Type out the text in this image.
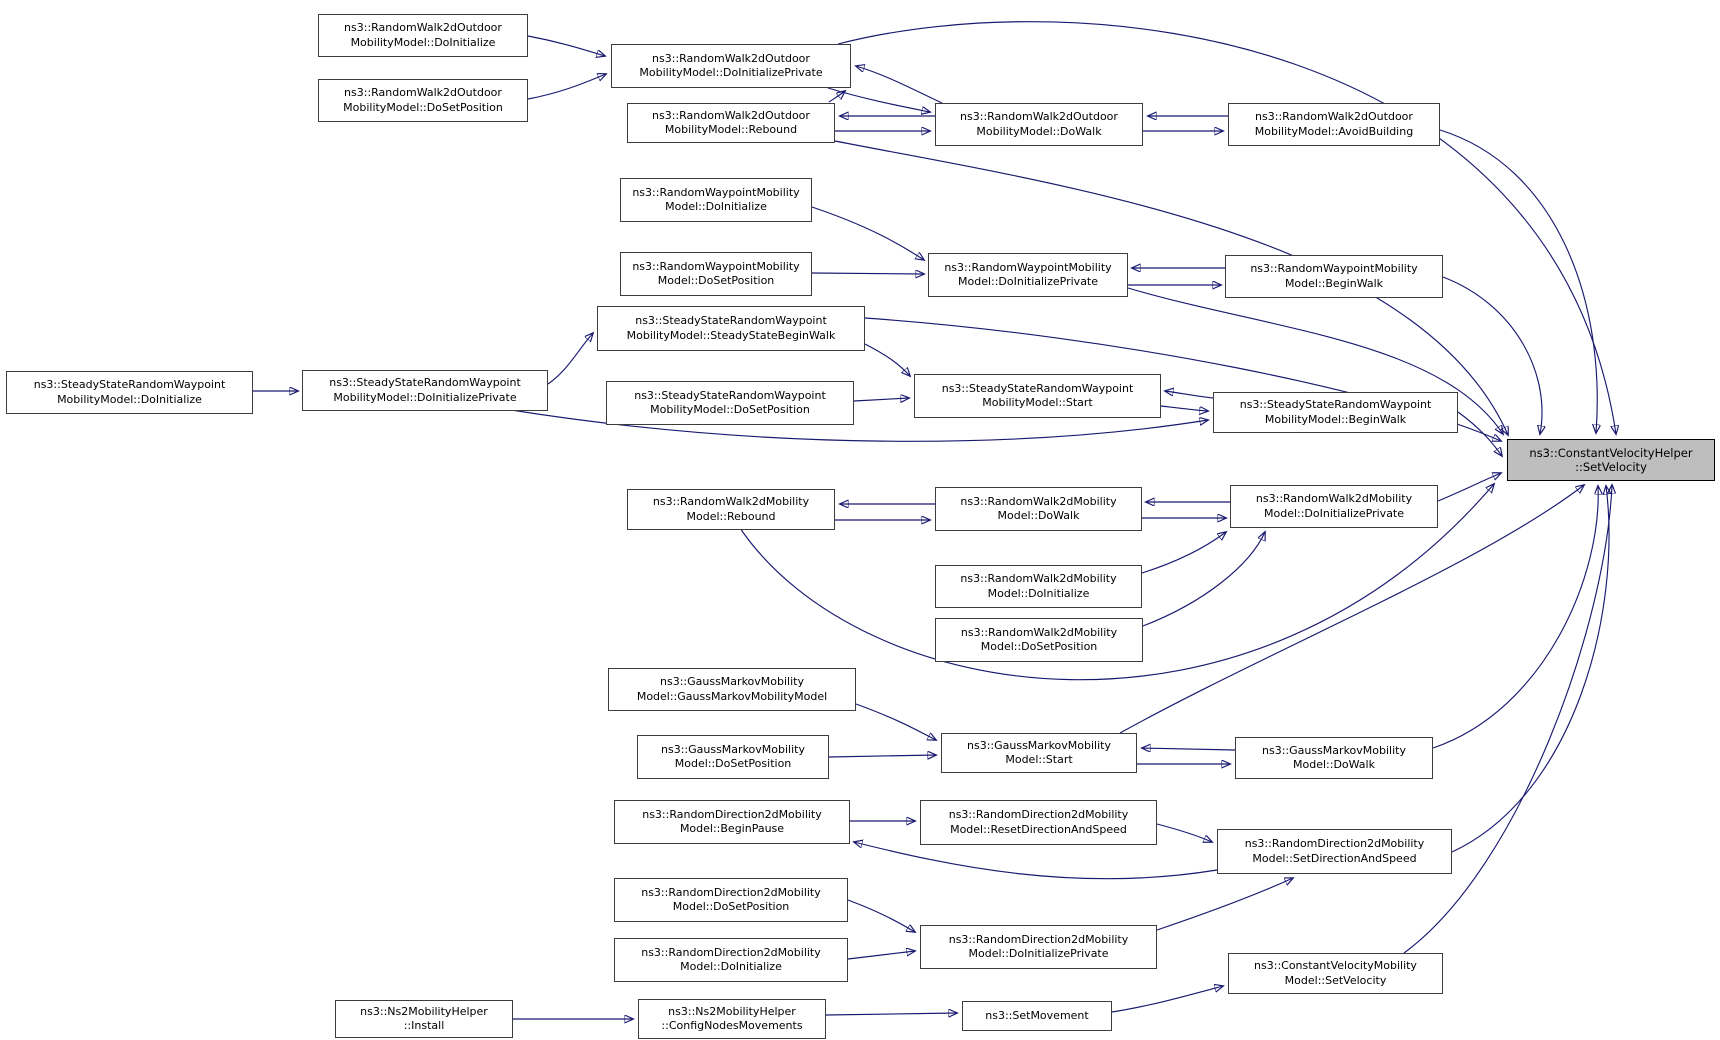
ns3::RandomWalk2dOutdoor
MobilityModel::DoInitialize
ns3::RandomWalk2dOutdoor
MobilityModel::DoSetPosition
ns3::RandomWalk2dOutdoor
MobilityModel::DoInitializePrivate
ns3::RandomWalk2dOutdoor
MobilityModel::Rebound
ns3::RandomWalk2dOutdoor
MobilityModel::DoWalk
ns3::RandomWalk2dOutdoor
MobilityModel::AvoidBuilding
ns3::RandomWaypointMobility
Model::DoInitialize
ns3::RandomWaypointMobility
Model::DoSetPosition
ns3::RandomWaypointMobility
Model::DoInitializePrivate
ns3::RandomWaypointMobility
Model::BeginWalk
ns3::SteadyStateRandomWaypoint
MobilityModel::DoInitialize
ns3::SteadyStateRandomWaypoint
MobilityModel::DoInitializePrivate
ns3::SteadyStateRandomWaypoint
MobilityModel::SteadyStateBeginWalk
ns3::SteadyStateRandomWaypoint
MobilityModel::DoSetPosition
ns3::SteadyStateRandomWaypoint
MobilityModel::Start	ns3::SteadyStateRandomWaypoint
MobilityModel::BeginWalk
ns3::RandomWalk2dMobility
Model::Rebound
ns3::RandomWalk2dMobility
Model::DoWalk
ns3::RandomWalk2dMobility
Model::DoInitializePrivate
ns3::RandomWalk2dMobility
Model::DoInitialize
ns3::RandomWalk2dMobility
Model::DoSetPosition
ns3::GaussMarkovMobility
Model::GaussMarkovMobilityModel
ns3::GaussMarkovMobility
Model::DoSetPosition
ns3::GaussMarkovMobility
Model::Start
ns3::GaussMarkovMobility
Model::DoWalk
ns3::RandomDirection2dMobility
Model::BeginPause
ns3::RandomDirection2dMobility
Model::ResetDirectionAndSpeed
ns3::RandomDirection2dMobility
Model::SetDirectionAndSpeed
ns3::RandomDirection2dMobility
Model::DoSetPosition
ns3::RandomDirection2dMobility
Model::DoInitialize
ns3::RandomDirection2dMobility
Model::DoInitializePrivate
ns3::Ns2MobilityHelper
::Install
ns3::Ns2MobilityHelper
::ConfigNodesMovements
ns3::SetMovement
ns3::ConstantVelocityMobility
Model::SetVelocity
ns3::ConstantVelocityHelper
::SetVelocity
